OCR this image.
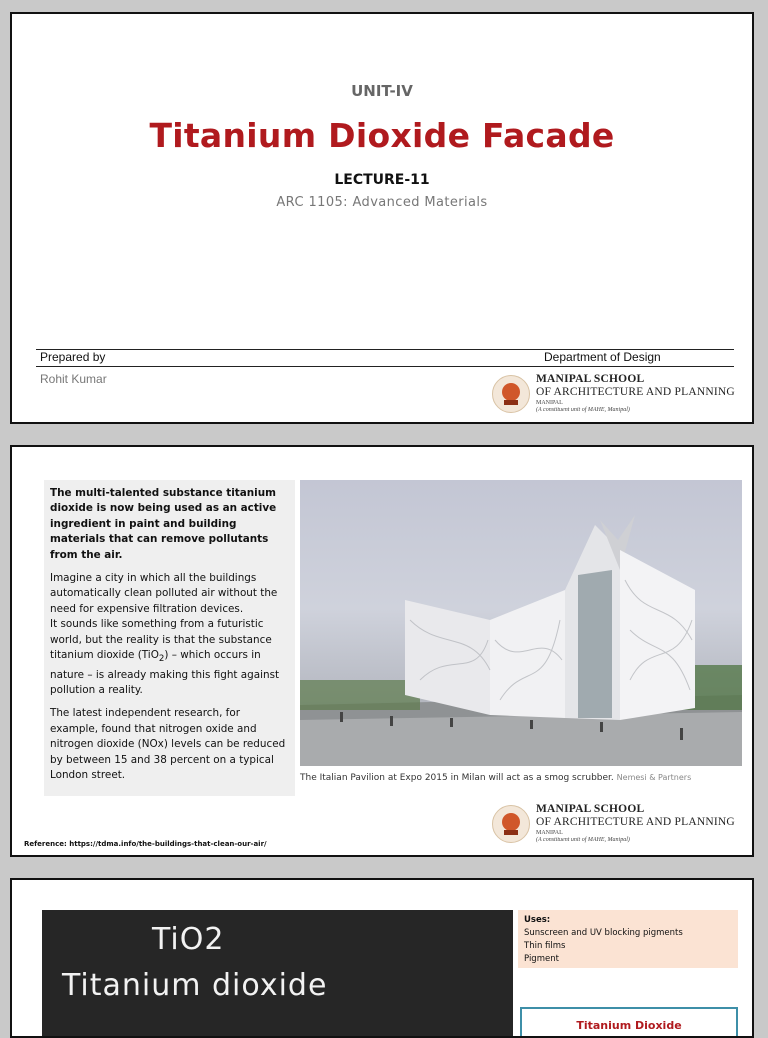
UNIT-IV
Titanium Dioxide Facade
LECTURE-11
ARC 1105: Advanced Materials
Prepared by	Department of Design
Rohit Kumar	MANIPAL SCHOOL
OF ARCHITECTURE AND PLANNING
MANIPAL
(A constituent unit of MAHE, Manipal)

The multi-talented substance titanium dioxide is now being used as an active ingredient in paint and building materials that can remove pollutants from the air.

Imagine a city in which all the buildings automatically clean polluted air without the need for expensive filtration devices.
It sounds like something from a futuristic world, but the reality is that the substance titanium dioxide (TiO$_2$) – which occurs in nature – is already making this fight against pollution a reality.

The latest independent research, for example, found that nitrogen oxide and nitrogen dioxide (NOx) levels can be reduced by between 15 and 38 percent on a typical London street.	The Italian Pavilion at Expo 2015 in Milan will act as a smog scrubber. Nemesi & Partners
MANIPAL SCHOOL
OF ARCHITECTURE AND PLANNING
MANIPAL
(A constituent unit of MAHE, Manipal)
Reference: https://tdma.info/the-buildings-that-clean-our-air/
TiO2
Titanium dioxide
Uses:
Sunscreen and UV blocking pigments
Thin films
Pigment
Titanium Dioxide
